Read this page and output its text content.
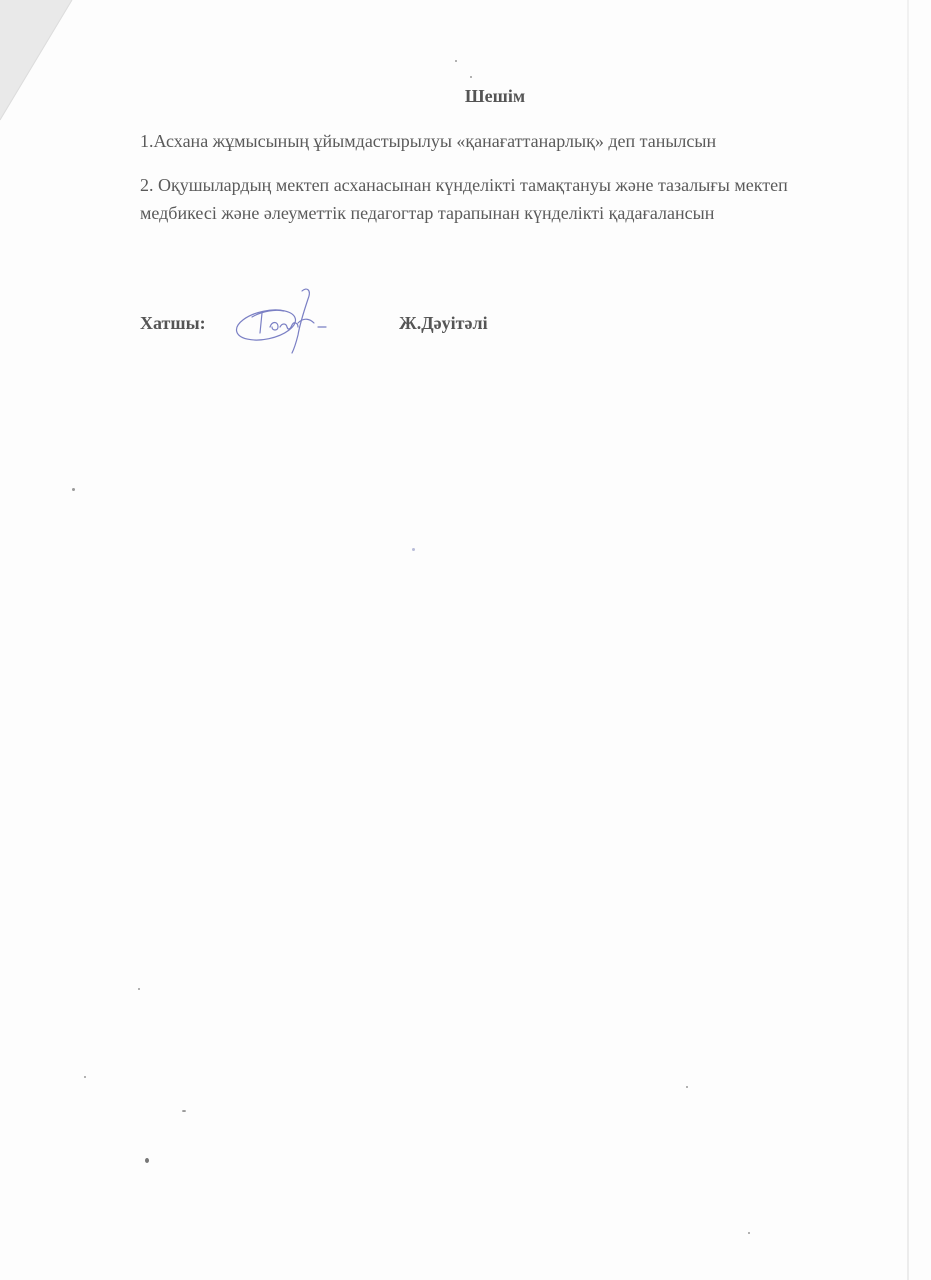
Шешім
1.Асхана жұмысының ұйымдастырылуы «қанағаттанарлық» деп танылсын
2. Оқушылардың мектеп асханасынан күнделікті тамақтануы және тазалығы мектеп медбикесі және әлеуметтік педагогтар тарапынан күнделікті қадағалансын
Хатшы:	Ж.Дәуітәлі
